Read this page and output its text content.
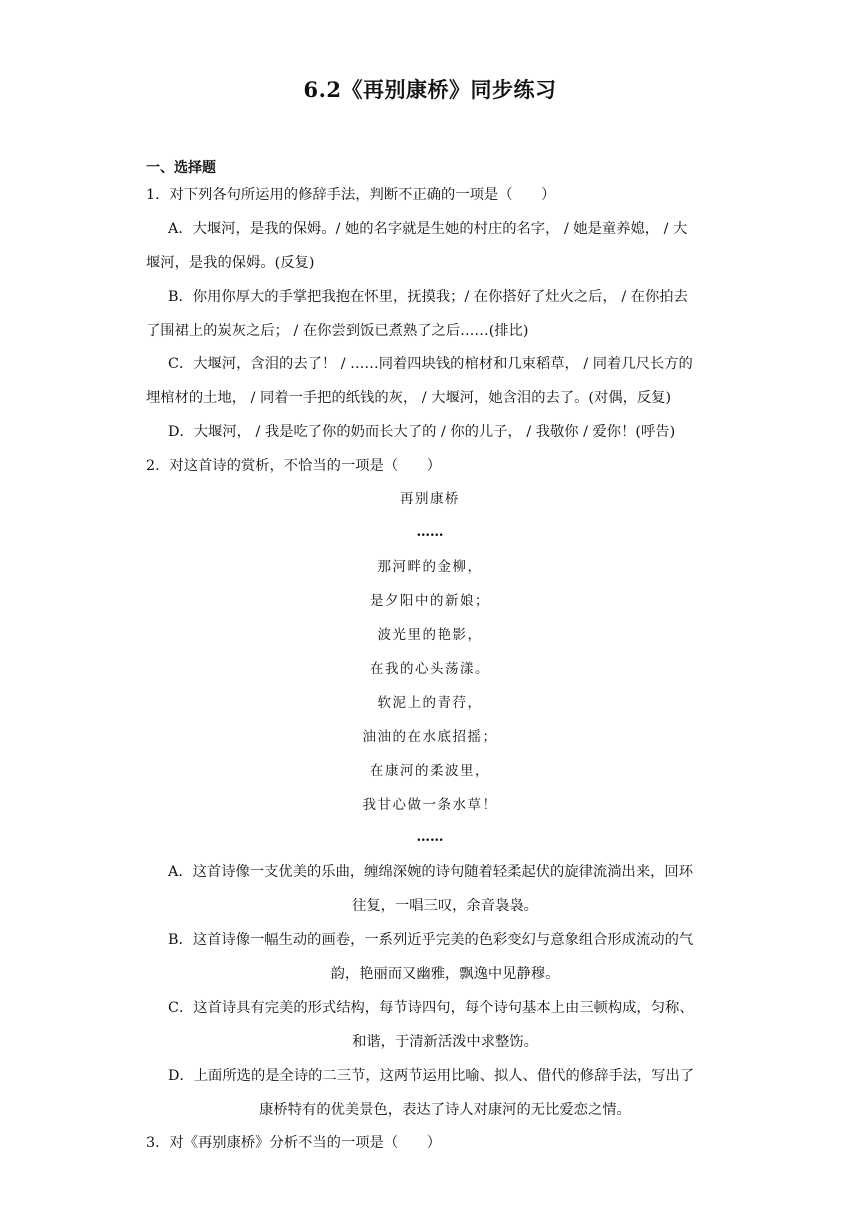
6.2《再别康桥》同步练习
一、选择题
1．对下列各句所运用的修辞手法，判断不正确的一项是（　　）
A．大堰河，是我的保姆。/ 她的名字就是生她的村庄的名字， / 她是童养媳， / 大
堰河，是我的保姆。(反复)
B．你用你厚大的手掌把我抱在怀里，抚摸我；/ 在你搭好了灶火之后， / 在你拍去
了围裙上的炭灰之后； / 在你尝到饭已煮熟了之后……(排比)
C．大堰河，含泪的去了！ / ……同着四块钱的棺材和几束稻草， / 同着几尺长方的
埋棺材的土地， / 同着一手把的纸钱的灰， / 大堰河，她含泪的去了。(对偶，反复)
D．大堰河， / 我是吃了你的奶而长大了的 / 你的儿子， / 我敬你 / 爱你！(呼告)
2．对这首诗的赏析，不恰当的一项是（　　）
再别康桥
……
那河畔的金柳，
是夕阳中的新娘；
波光里的艳影，
在我的心头荡漾。
软泥上的青荇，
油油的在水底招摇；
在康河的柔波里，
我甘心做一条水草！
……
A．这首诗像一支优美的乐曲，缠绵深婉的诗句随着轻柔起伏的旋律流淌出来，回环
往复，一唱三叹，余音袅袅。
B．这首诗像一幅生动的画卷，一系列近乎完美的色彩变幻与意象组合形成流动的气
韵，艳丽而又幽雅，飘逸中见静穆。
C．这首诗具有完美的形式结构，每节诗四句，每个诗句基本上由三顿构成，匀称、
和谐，于清新活泼中求整饬。
D．上面所选的是全诗的二三节，这两节运用比喻、拟人、借代的修辞手法，写出了
康桥特有的优美景色，表达了诗人对康河的无比爱恋之情。
3．对《再别康桥》分析不当的一项是（　　）
